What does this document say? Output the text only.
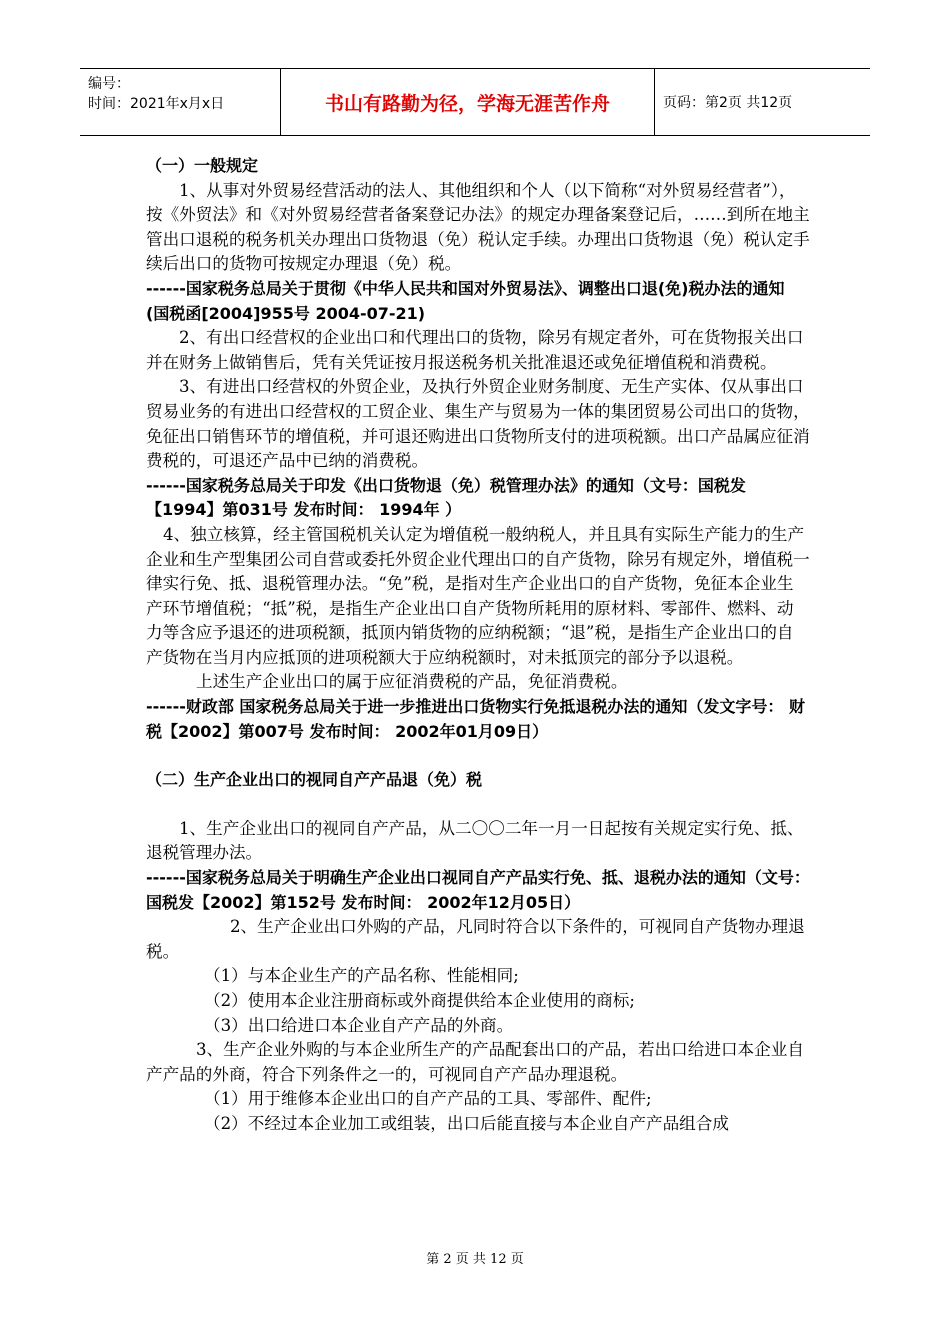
编号：
时间：2021年x月x日	书山有路勤为径，学海无涯苦作舟	页码：第2页 共12页

（一）一般规定

1、从事对外贸易经营活动的法人、其他组织和个人（以下简称“对外贸易经营者”），按《外贸法》和《对外贸易经营者备案登记办法》的规定办理备案登记后，……到所在地主管出口退税的税务机关办理出口货物退（免）税认定手续。办理出口货物退（免）税认定手续后出口的货物可按规定办理退（免）税。

------国家税务总局关于贯彻《中华人民共和国对外贸易法》、调整出口退(免)税办法的通知 (国税函[2004]955号 2004-07-21)

2、有出口经营权的企业出口和代理出口的货物，除另有规定者外，可在货物报关出口并在财务上做销售后，凭有关凭证按月报送税务机关批准退还或免征增值税和消费税。

3、有进出口经营权的外贸企业，及执行外贸企业财务制度、无生产实体、仅从事出口贸易业务的有进出口经营权的工贸企业、集生产与贸易为一体的集团贸易公司出口的货物，免征出口销售环节的增值税，并可退还购进出口货物所支付的进项税额。出口产品属应征消费税的，可退还产品中已纳的消费税。

------国家税务总局关于印发《出口货物退（免）税管理办法》的通知（文号：国税发【1994】第031号 发布时间： 1994年 ）

4、独立核算，经主管国税机关认定为增值税一般纳税人，并且具有实际生产能力的生产企业和生产型集团公司自营或委托外贸企业代理出口的自产货物，除另有规定外，增值税一律实行免、抵、退税管理办法。“免”税，是指对生产企业出口的自产货物，免征本企业生产环节增值税；“抵”税，是指生产企业出口自产货物所耗用的原材料、零部件、燃料、动力等含应予退还的进项税额，抵顶内销货物的应纳税额；“退”税，是指生产企业出口的自产货物在当月内应抵顶的进项税额大于应纳税额时，对未抵顶完的部分予以退税。

上述生产企业出口的属于应征消费税的产品，免征消费税。

------财政部 国家税务总局关于进一步推进出口货物实行免抵退税办法的通知（发文字号： 财税【2002】第007号 发布时间： 2002年01月09日）

（二）生产企业出口的视同自产产品退（免）税

1、生产企业出口的视同自产产品，从二〇〇二年一月一日起按有关规定实行免、抵、退税管理办法。

------国家税务总局关于明确生产企业出口视同自产产品实行免、抵、退税办法的通知（文号： 国税发【2002】第152号 发布时间： 2002年12月05日）

2、生产企业出口外购的产品，凡同时符合以下条件的，可视同自产货物办理退税。

（1）与本企业生产的产品名称、性能相同;

（2）使用本企业注册商标或外商提供给本企业使用的商标;

（3）出口给进口本企业自产产品的外商。

3、生产企业外购的与本企业所生产的产品配套出口的产品，若出口给进口本企业自产产品的外商，符合下列条件之一的，可视同自产产品办理退税。

（1）用于维修本企业出口的自产产品的工具、零部件、配件;

（2）不经过本企业加工或组装，出口后能直接与本企业自产产品组合成

第 2 页 共 12 页
